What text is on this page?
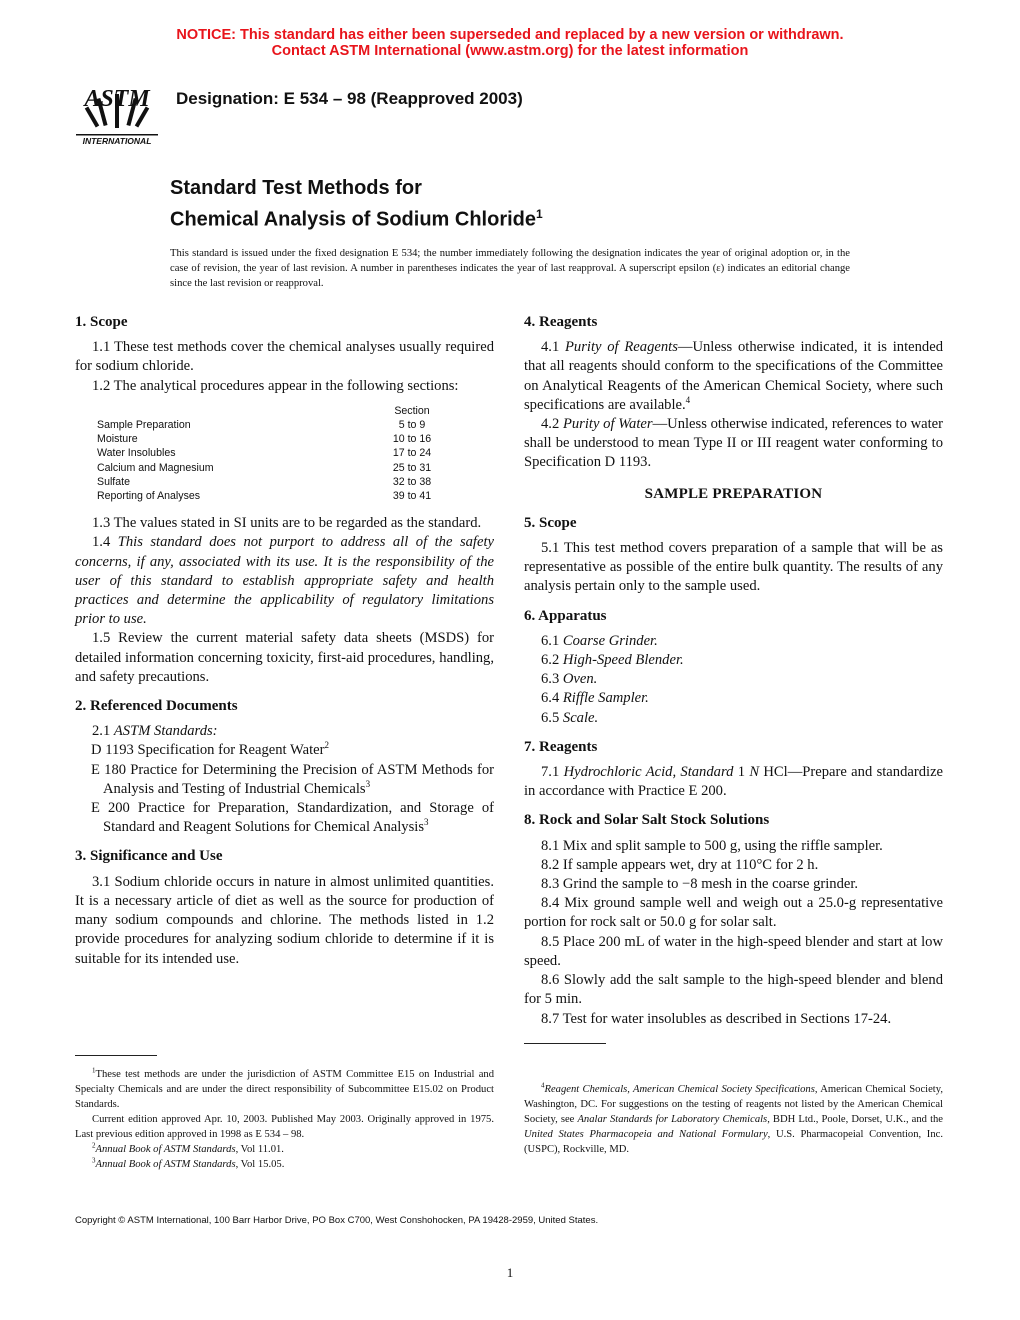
NOTICE: This standard has either been superseded and replaced by a new version or withdrawn.
Contact ASTM International (www.astm.org) for the latest information
ASTM
INTERNATIONAL
Designation: E 534 – 98 (Reapproved 2003)
Standard Test Methods for
Chemical Analysis of Sodium Chloride$^1$
This standard is issued under the fixed designation E 534; the number immediately following the designation indicates the year of original adoption or, in the case of revision, the year of last revision. A number in parentheses indicates the year of last reapproval. A superscript epsilon (ε) indicates an editorial change since the last revision or reapproval.
1. Scope

1.1 These test methods cover the chemical analyses usually required for sodium chloride.

1.2 The analytical procedures appear in the following sections:

Section
Sample Preparation	5 to 9
Moisture	10 to 16
Water Insolubles	17 to 24
Calcium and Magnesium	25 to 31
Sulfate	32 to 38
Reporting of Analyses	39 to 41

1.3 The values stated in SI units are to be regarded as the standard.

1.4 This standard does not purport to address all of the safety concerns, if any, associated with its use. It is the responsibility of the user of this standard to establish appropriate safety and health practices and determine the applicability of regulatory limitations prior to use.

1.5 Review the current material safety data sheets (MSDS) for detailed information concerning toxicity, first-aid procedures, handling, and safety precautions.

2. Referenced Documents

2.1 ASTM Standards:

D 1193 Specification for Reagent Water$^2$

E 180 Practice for Determining the Precision of ASTM Methods for Analysis and Testing of Industrial Chemicals$^3$

E 200 Practice for Preparation, Standardization, and Storage of Standard and Reagent Solutions for Chemical Analysis$^3$

3. Significance and Use

3.1 Sodium chloride occurs in nature in almost unlimited quantities. It is a necessary article of diet as well as the source for production of many sodium compounds and chlorine. The methods listed in 1.2 provide procedures for analyzing sodium chloride to determine if it is suitable for its intended use.

4. Reagents

4.1 Purity of Reagents—Unless otherwise indicated, it is intended that all reagents should conform to the specifications of the Committee on Analytical Reagents of the American Chemical Society, where such specifications are available.$^4$

4.2 Purity of Water—Unless otherwise indicated, references to water shall be understood to mean Type II or III reagent water conforming to Specification D 1193.

SAMPLE PREPARATION
5. Scope

5.1 This test method covers preparation of a sample that will be as representative as possible of the entire bulk quantity. The results of any analysis pertain only to the sample used.

6. Apparatus

6.1 Coarse Grinder.

6.2 High-Speed Blender.

6.3 Oven.

6.4 Riffle Sampler.

6.5 Scale.

7. Reagents

7.1 Hydrochloric Acid, Standard 1 N HCl—Prepare and standardize in accordance with Practice E 200.

8. Rock and Solar Salt Stock Solutions

8.1 Mix and split sample to 500 g, using the riffle sampler.

8.2 If sample appears wet, dry at 110°C for 2 h.

8.3 Grind the sample to −8 mesh in the coarse grinder.

8.4 Mix ground sample well and weigh out a 25.0-g representative portion for rock salt or 50.0 g for solar salt.

8.5 Place 200 mL of water in the high-speed blender and start at low speed.

8.6 Slowly add the salt sample to the high-speed blender and blend for 5 min.

8.7 Test for water insolubles as described in Sections 17-24.

$^1$These test methods are under the jurisdiction of ASTM Committee E15 on Industrial and Specialty Chemicals and are under the direct responsibility of Subcommittee E15.02 on Product Standards.

Current edition approved Apr. 10, 2003. Published May 2003. Originally approved in 1975. Last previous edition approved in 1998 as E 534 – 98.

$^2$Annual Book of ASTM Standards, Vol 11.01.

$^3$Annual Book of ASTM Standards, Vol 15.05.

$^4$Reagent Chemicals, American Chemical Society Specifications, American Chemical Society, Washington, DC. For suggestions on the testing of reagents not listed by the American Chemical Society, see Analar Standards for Laboratory Chemicals, BDH Ltd., Poole, Dorset, U.K., and the United States Pharmacopeia and National Formulary, U.S. Pharmacopeial Convention, Inc. (USPC), Rockville, MD.

Copyright © ASTM International, 100 Barr Harbor Drive, PO Box C700, West Conshohocken, PA 19428-2959, United States.
1
